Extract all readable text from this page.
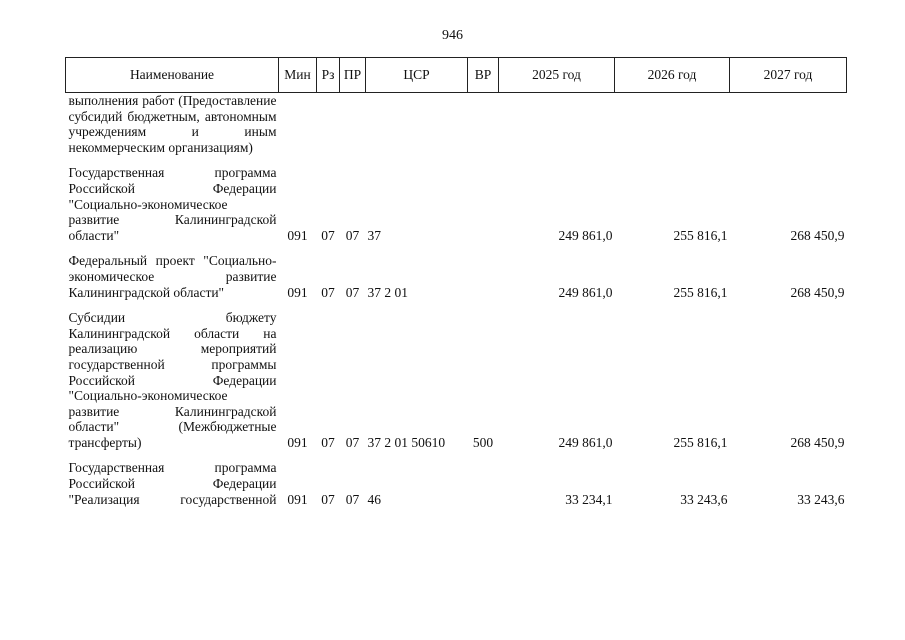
946
Наименование	Мин	Рз	ПР	ЦСР	ВР	2025 год	2026 год	2027 год
выполнения работ (Предоставление субсидий бюджетным, автономным учреждениям и иным некоммерческим организациям)								

Государственная программа Российской Федерации "Социально-экономическое развитие Калининградской области"	091	07	07	37		249 861,0	255 816,1	268 450,9

Федеральный проект "Социально-экономическое развитие Калининградской области"	091	07	07	37 2 01		249 861,0	255 816,1	268 450,9

Субсидии бюджету Калининградской области на реализацию мероприятий государственной программы Российской Федерации "Социально-экономическое развитие Калининградской области" (Межбюджетные трансферты)	091	07	07	37 2 01 50610	500	249 861,0	255 816,1	268 450,9

Государственная программа Российской Федерации "Реализация государственной	091	07	07	46		33 234,1	33 243,6	33 243,6
